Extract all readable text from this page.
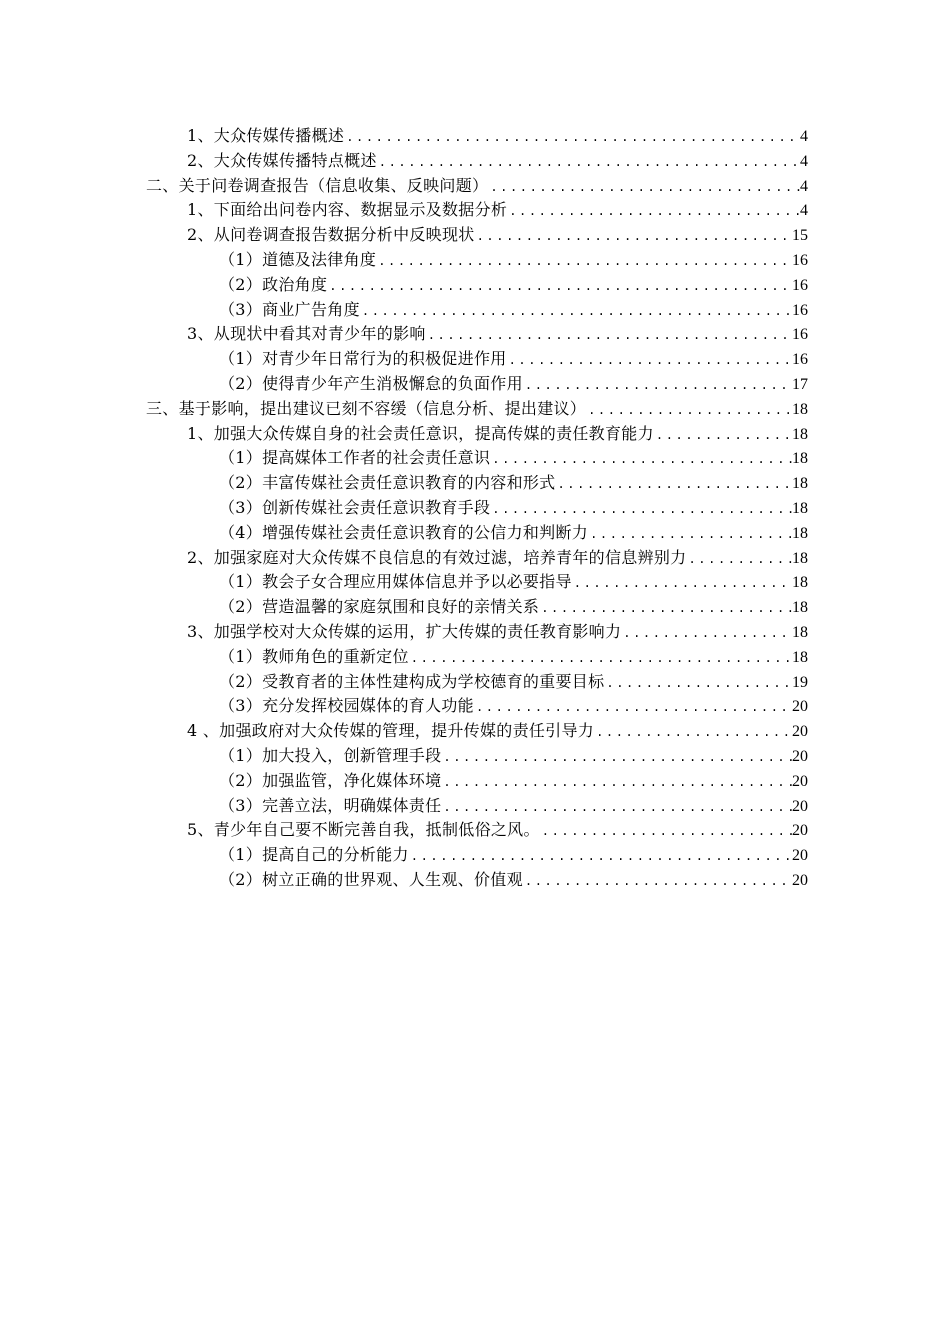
1、大众传媒传播概述 .....	4
2、大众传媒传播特点概述 .....	4
二、关于问卷调查报告（信息收集、反映问题） .....	4
1、下面给出问卷内容、数据显示及数据分析 .....	4
2、从问卷调查报告数据分析中反映现状 .....	15
（1）道德及法律角度 .....	16
（2）政治角度 .....	16
（3）商业广告角度 .....	16
3、从现状中看其对青少年的影响 .....	16
（1）对青少年日常行为的积极促进作用 .....	16
（2）使得青少年产生消极懈怠的负面作用 .....	17
三、基于影响，提出建议已刻不容缓（信息分析、提出建议） .....	18
1、加强大众传媒自身的社会责任意识，提高传媒的责任教育能力 .....	18
（1）提高媒体工作者的社会责任意识 .....	18
（2）丰富传媒社会责任意识教育的内容和形式 .....	18
（3）创新传媒社会责任意识教育手段 .....	18
（4）增强传媒社会责任意识教育的公信力和判断力 .....	18
2、加强家庭对大众传媒不良信息的有效过滤，培养青年的信息辨别力 .....	18
（1）教会子女合理应用媒体信息并予以必要指导 .....	18
（2）营造温馨的家庭氛围和良好的亲情关系 .....	18
3、加强学校对大众传媒的运用，扩大传媒的责任教育影响力 .....	18
（1）教师角色的重新定位 .....	18
（2）受教育者的主体性建构成为学校德育的重要目标 .....	19
（3）充分发挥校园媒体的育人功能 .....	20
4 、加强政府对大众传媒的管理，提升传媒的责任引导力 .....	20
（1）加大投入，创新管理手段 .....	20
（2）加强监管，净化媒体环境 .....	20
（3）完善立法，明确媒体责任 .....	20
5、青少年自己要不断完善自我，抵制低俗之风。 .....	20
（1）提高自己的分析能力 .....	20
（2）树立正确的世界观、人生观、价值观 .....	20
